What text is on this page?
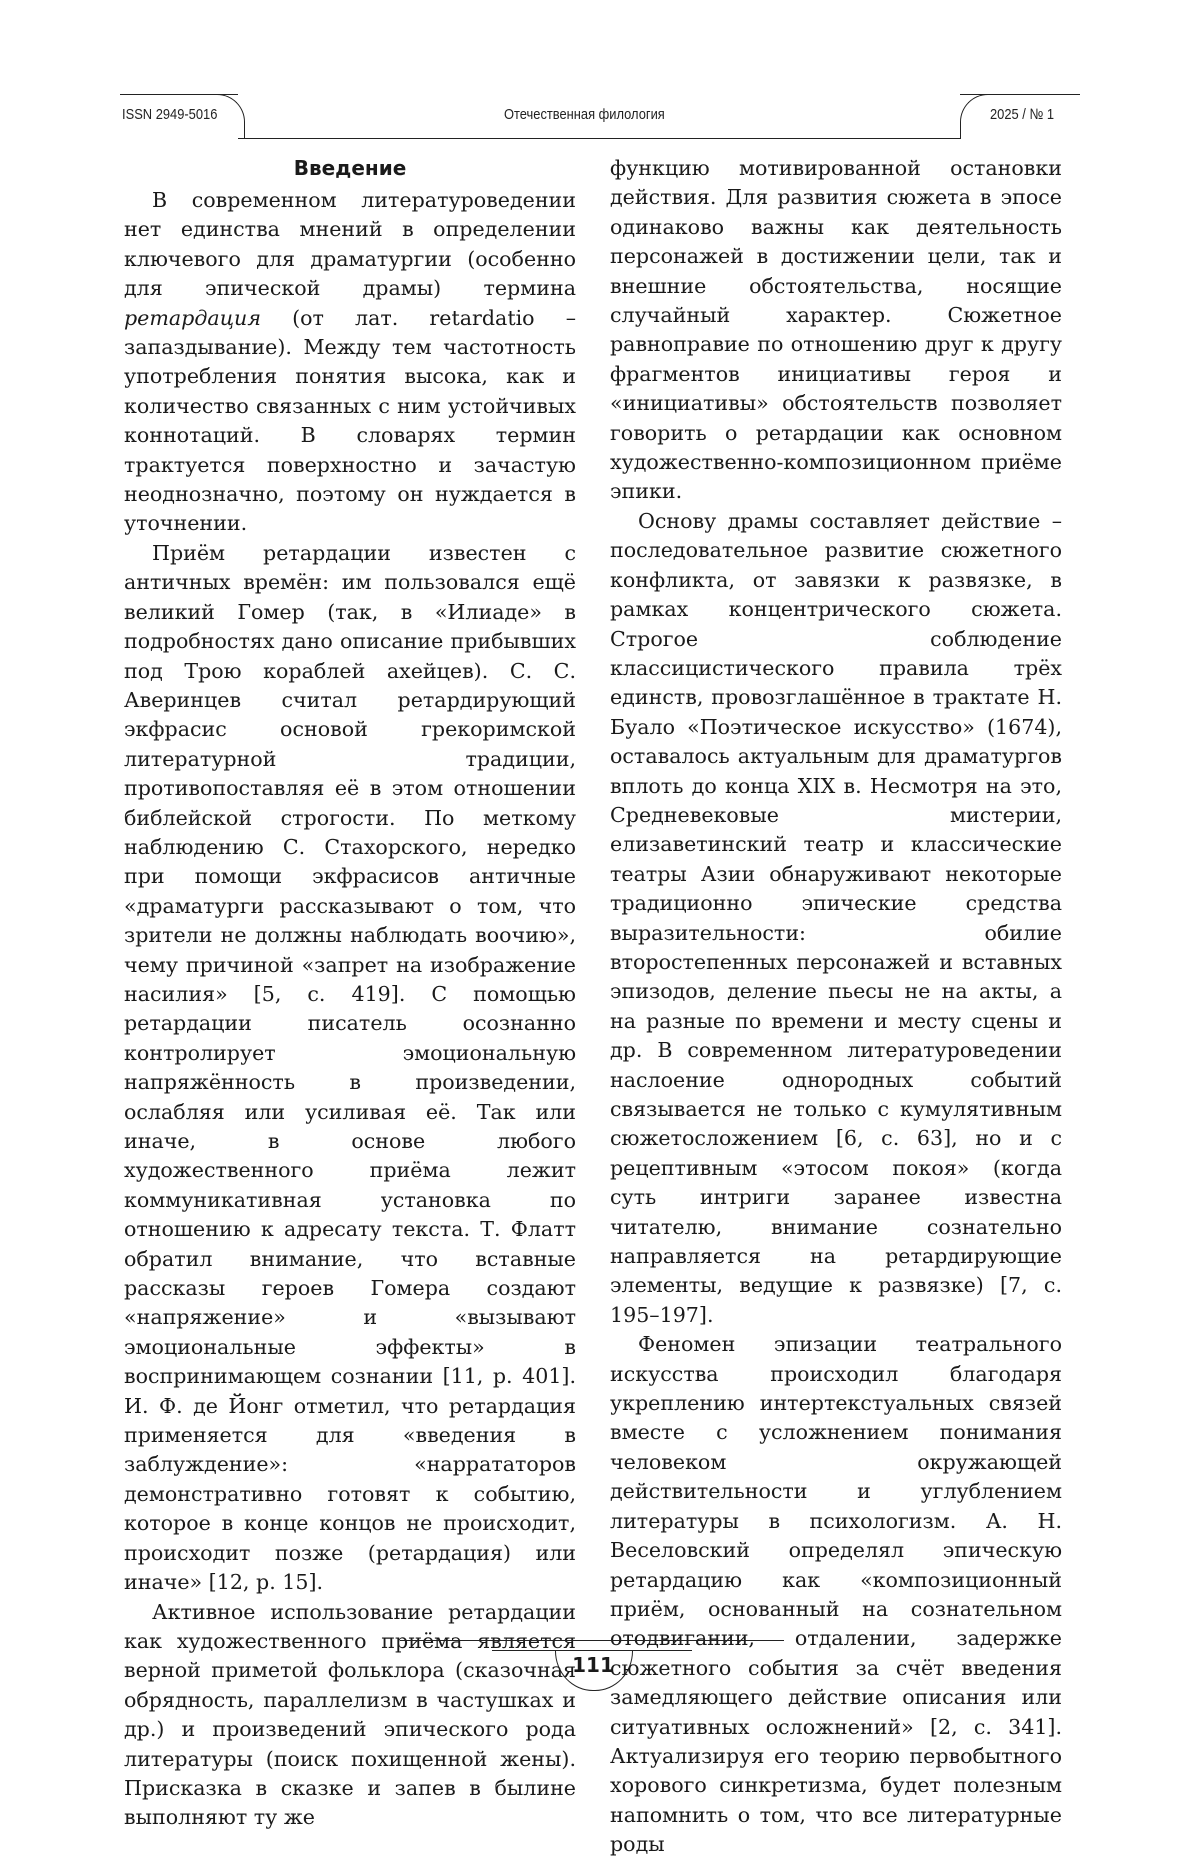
ISSN 2949-5016	Отечественная филология	2025 / № 1
Введение

В современном литературоведении нет единства мнений в определении ключевого для драматургии (особенно для эпической драмы) термина ретардация (от лат. retardatio – запаздывание). Между тем частотность употребления понятия высока, как и количество связанных с ним устойчивых коннотаций. В словарях термин трактуется поверхностно и зачастую неоднозначно, поэтому он нуждается в уточнении.

Приём ретардации известен с античных времён: им пользовался ещё великий Гомер (так, в «Илиаде» в подробностях дано описание прибывших под Трою кораблей ахейцев). С. С. Аверинцев считал ретардирующий экфрасис основой грекоримской литературной традиции, противопоставляя её в этом отношении библейской строгости. По меткому наблюдению С. Стахорского, нередко при помощи экфрасисов античные «драматурги рассказывают о том, что зрители не должны наблюдать воочию», чему причиной «запрет на изображение насилия» [5, с. 419]. С помощью ретардации писатель осознанно контролирует эмоциональную напряжённость в произведении, ослабляя или усиливая её. Так или иначе, в основе любого художественного приёма лежит коммуникативная установка по отношению к адресату текста. Т. Флатт обратил внимание, что вставные рассказы героев Гомера создают «напряжение» и «вызывают эмоциональные эффекты» в воспринимающем сознании [11, p. 401]. И. Ф. де Йонг отметил, что ретардация применяется для «введения в заблуждение»: «наррататоров демонстративно готовят к событию, которое в конце концов не происходит, происходит позже (ретардация) или иначе» [12, p. 15].

Активное использование ретардации как художественного приёма является верной приметой фольклора (сказочная обрядность, параллелизм в частушках и др.) и произведений эпического рода литературы (поиск похищенной жены). Присказка в сказке и запев в былине выполняют ту же

функцию мотивированной остановки действия. Для развития сюжета в эпосе одинаково важны как деятельность персонажей в достижении цели, так и внешние обстоятельства, носящие случайный характер. Сюжетное равноправие по отношению друг к другу фрагментов инициативы героя и «инициативы» обстоятельств позволяет говорить о ретардации как основном художественно-композиционном приёме эпики.

Основу драмы составляет действие – последовательное развитие сюжетного конфликта, от завязки к развязке, в рамках концентрического сюжета. Строгое соблюдение классицистического правила трёх единств, провозглашённое в трактате Н. Буало «Поэтическое искусство» (1674), оставалось актуальным для драматургов вплоть до конца XIX в. Несмотря на это, Средневековые мистерии, елизаветинский театр и классические театры Азии обнаруживают некоторые традиционно эпические средства выразительности: обилие второстепенных персонажей и вставных эпизодов, деление пьесы не на акты, а на разные по времени и месту сцены и др. В современном литературоведении наслоение однородных событий связывается не только с кумулятивным сюжетосложением [6, с. 63], но и с рецептивным «этосом покоя» (когда суть интриги заранее известна читателю, внимание сознательно направляется на ретардирующие элементы, ведущие к развязке) [7, с. 195–197].

Феномен эпизации театрального искусства происходил благодаря укреплению интертекстуальных связей вместе с усложнением понимания человеком окружающей действительности и углублением литературы в психологизм. А. Н. Веселовский определял эпическую ретардацию как «композиционный приём, основанный на сознательном отодвигании, отдалении, задержке сюжетного события за счёт введения замедляющего действие описания или ситуативных осложнений» [2, с. 341]. Актуализируя его теорию первобытного хорового синкретизма, будет полезным напомнить о том, что все литературные роды

111
